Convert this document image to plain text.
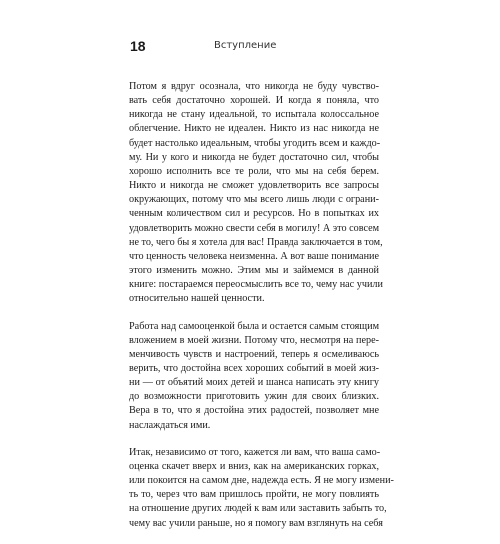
18	Вступление

Потом я вдруг осознала, что никогда не буду чувство-
вать себя достаточно хорошей. И когда я поняла, что
никогда не стану идеальной, то испытала колоссальное
облегчение. Никто не идеален. Никто из нас никогда не
будет настолько идеальным, чтобы угодить всем и каждо-
му. Ни у кого и никогда не будет достаточно сил, чтобы
хорошо исполнить все те роли, что мы на себя берем.
Никто и никогда не сможет удовлетворить все запросы
окружающих, потому что мы всего лишь люди с ограни-
ченным количеством сил и ресурсов. Но в попытках их
удовлетворить можно свести себя в могилу! А это совсем
не то, чего бы я хотела для вас! Правда заключается в том,
что ценность человека неизменна. А вот ваше понимание
этого изменить можно. Этим мы и займемся в данной
книге: постараемся переосмыслить все то, чему нас учили
относительно нашей ценности.

Работа над самооценкой была и остается самым стоящим
вложением в моей жизни. Потому что, несмотря на пере-
менчивость чувств и настроений, теперь я осмеливаюсь
верить, что достойна всех хороших событий в моей жиз-
ни — от объятий моих детей и шанса написать эту книгу
до возможности приготовить ужин для своих близких.
Вера в то, что я достойна этих радостей, позволяет мне
наслаждаться ими.

Итак, независимо от того, кажется ли вам, что ваша само-
оценка скачет вверх и вниз, как на американских горках,
или покоится на самом дне, надежда есть. Я не могу измени-
ть то, через что вам пришлось пройти, не могу повлиять
на отношение других людей к вам или заставить забыть то,
чему вас учили раньше, но я помогу вам взглянуть на себя
